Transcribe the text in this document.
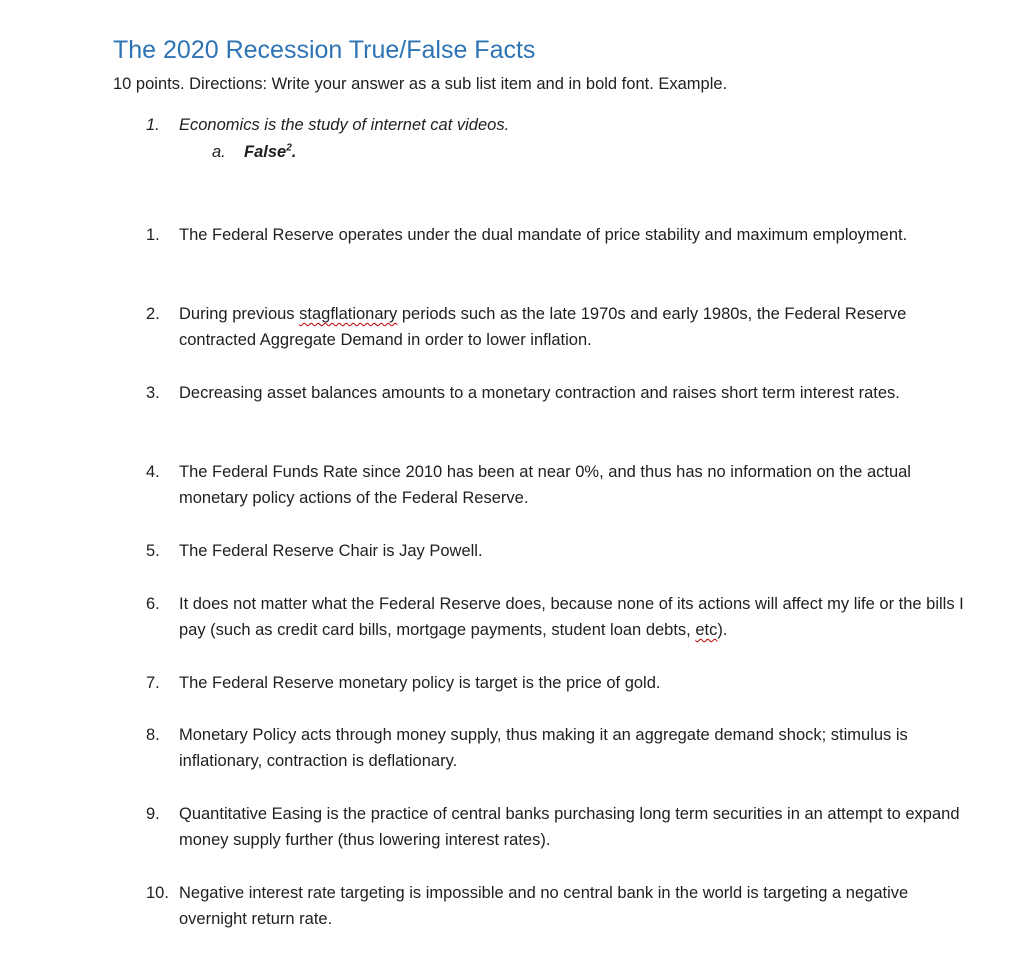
The 2020 Recession True/False Facts
10 points. Directions: Write your answer as a sub list item and in bold font. Example.
1. Economics is the study of internet cat videos.
a. False$^2$.
1.	The Federal Reserve operates under the dual mandate of price stability and maximum employment.
2.	During previous stagflationary periods such as the late 1970s and early 1980s, the Federal Reserve contracted Aggregate Demand in order to lower inflation.
3.	Decreasing asset balances amounts to a monetary contraction and raises short term interest rates.
4.	The Federal Funds Rate since 2010 has been at near 0%, and thus has no information on the actual monetary policy actions of the Federal Reserve.
5.	The Federal Reserve Chair is Jay Powell.
6.	It does not matter what the Federal Reserve does, because none of its actions will affect my life or the bills I pay (such as credit card bills, mortgage payments, student loan debts, etc).
7.	The Federal Reserve monetary policy is target is the price of gold.
8.	Monetary Policy acts through money supply, thus making it an aggregate demand shock; stimulus is inflationary, contraction is deflationary.
9.	Quantitative Easing is the practice of central banks purchasing long term securities in an attempt to expand money supply further (thus lowering interest rates).
10. Negative interest rate targeting is impossible and no central bank in the world is targeting a negative overnight return rate.
